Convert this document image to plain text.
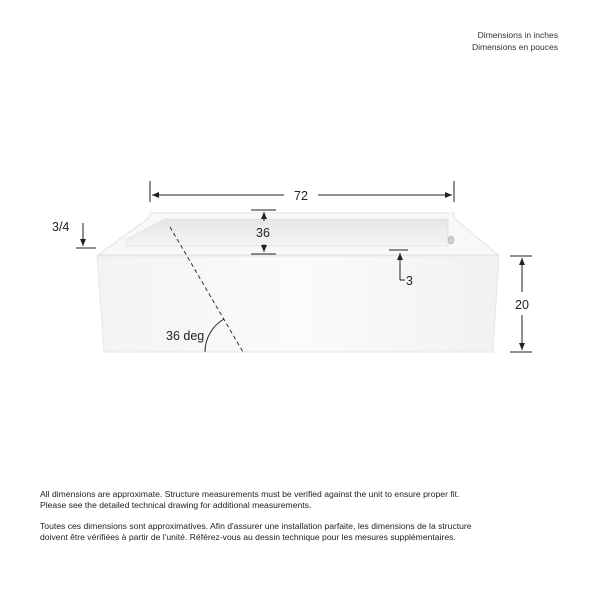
Dimensions in inches
Dimensions en pouces
72
36
3/4
3
20
36 deg

All dimensions are approximate. Structure measurements must be verified against the unit to ensure proper fit. Please see the detailed technical drawing for additional measurements.

Toutes ces dimensions sont approximatives. Afin d'assurer une installation parfaite, les dimensions de la structure doivent être vérifiées à partir de l'unité. Référez-vous au dessin technique pour les mesures supplémentaires.
